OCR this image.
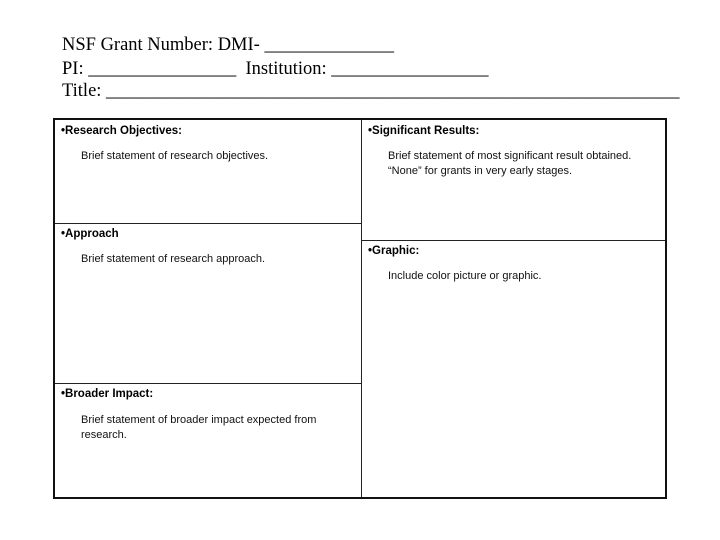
NSF Grant Number: DMI- ______________
PI: ________________  Institution: _________________
Title: ______________________________________________________________
•Research Objectives:
Brief statement of research objectives.
•Approach
Brief statement of research approach.
•Broader Impact:
Brief statement of broader impact expected from research.
•Significant Results:
Brief statement of most significant result obtained. “None” for grants in very early stages.
•Graphic:
Include color picture or graphic.
